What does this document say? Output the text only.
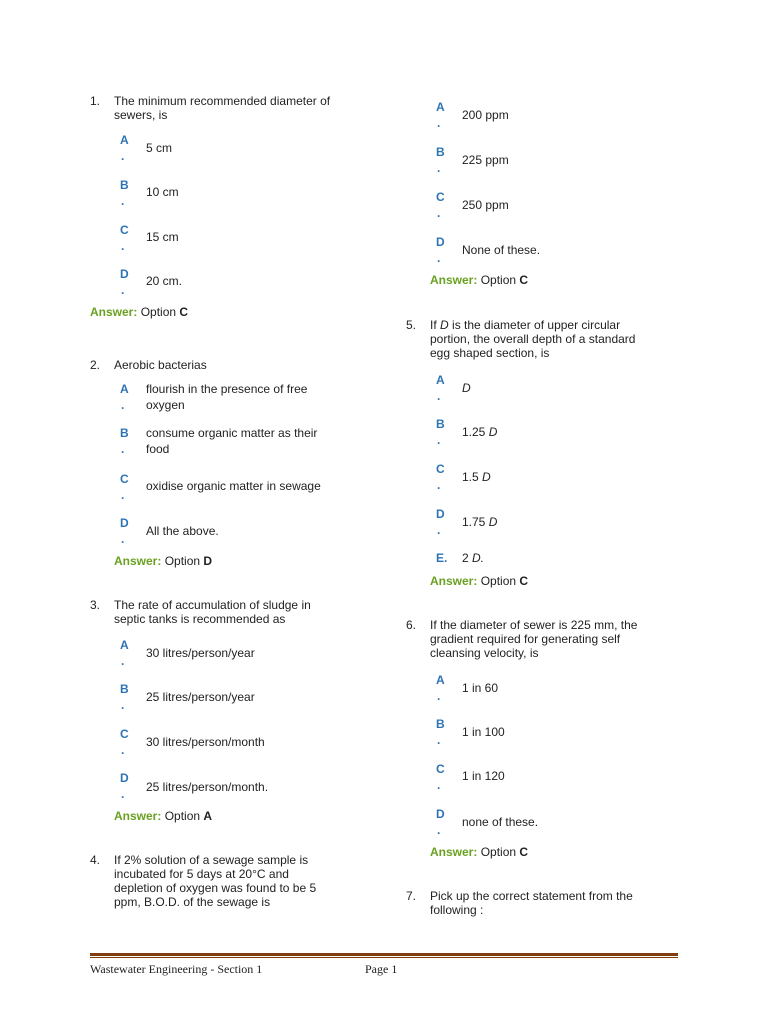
1.	The minimum recommended diameter of
sewers, is
A
.
5 cm
B
.
10 cm
C
.
15 cm
D
.
20 cm.
Answer: Option C
2.	Aerobic bacterias
A
.
flourish in the presence of free
oxygen
B
.
consume organic matter as their
food
C
.
oxidise organic matter in sewage
D
.
All the above.
Answer: Option D
3.	The rate of accumulation of sludge in
septic tanks is recommended as
A
.
30 litres/person/year
B
.
25 litres/person/year
C
.
30 litres/person/month
D
. 25 litres/person/month.
Answer: Option A
4.	If 2% solution of a sewage sample is
incubated for 5 days at 20°C and
depletion of oxygen was found to be 5
ppm, B.O.D. of the sewage is
A
.
200 ppm
B
.
225 ppm
C
.
250 ppm
D
.
None of these.
Answer: Option C
5.	If D is the diameter of upper circular
portion, the overall depth of a standard
egg shaped section, is
A
.
D
B
.
1.25 D
C
.
1.5 D
D
.
1.75 D
E.	2 D.
Answer: Option C
6.	If the diameter of sewer is 225 mm, the
gradient required for generating self
cleansing velocity, is
A
.
1 in 60
B
.
1 in 100
C
.
1 in 120
D
.
none of these.
Answer: Option C
7.	Pick up the correct statement from the
following :
Wastewater Engineering - Section 1	Page 1
